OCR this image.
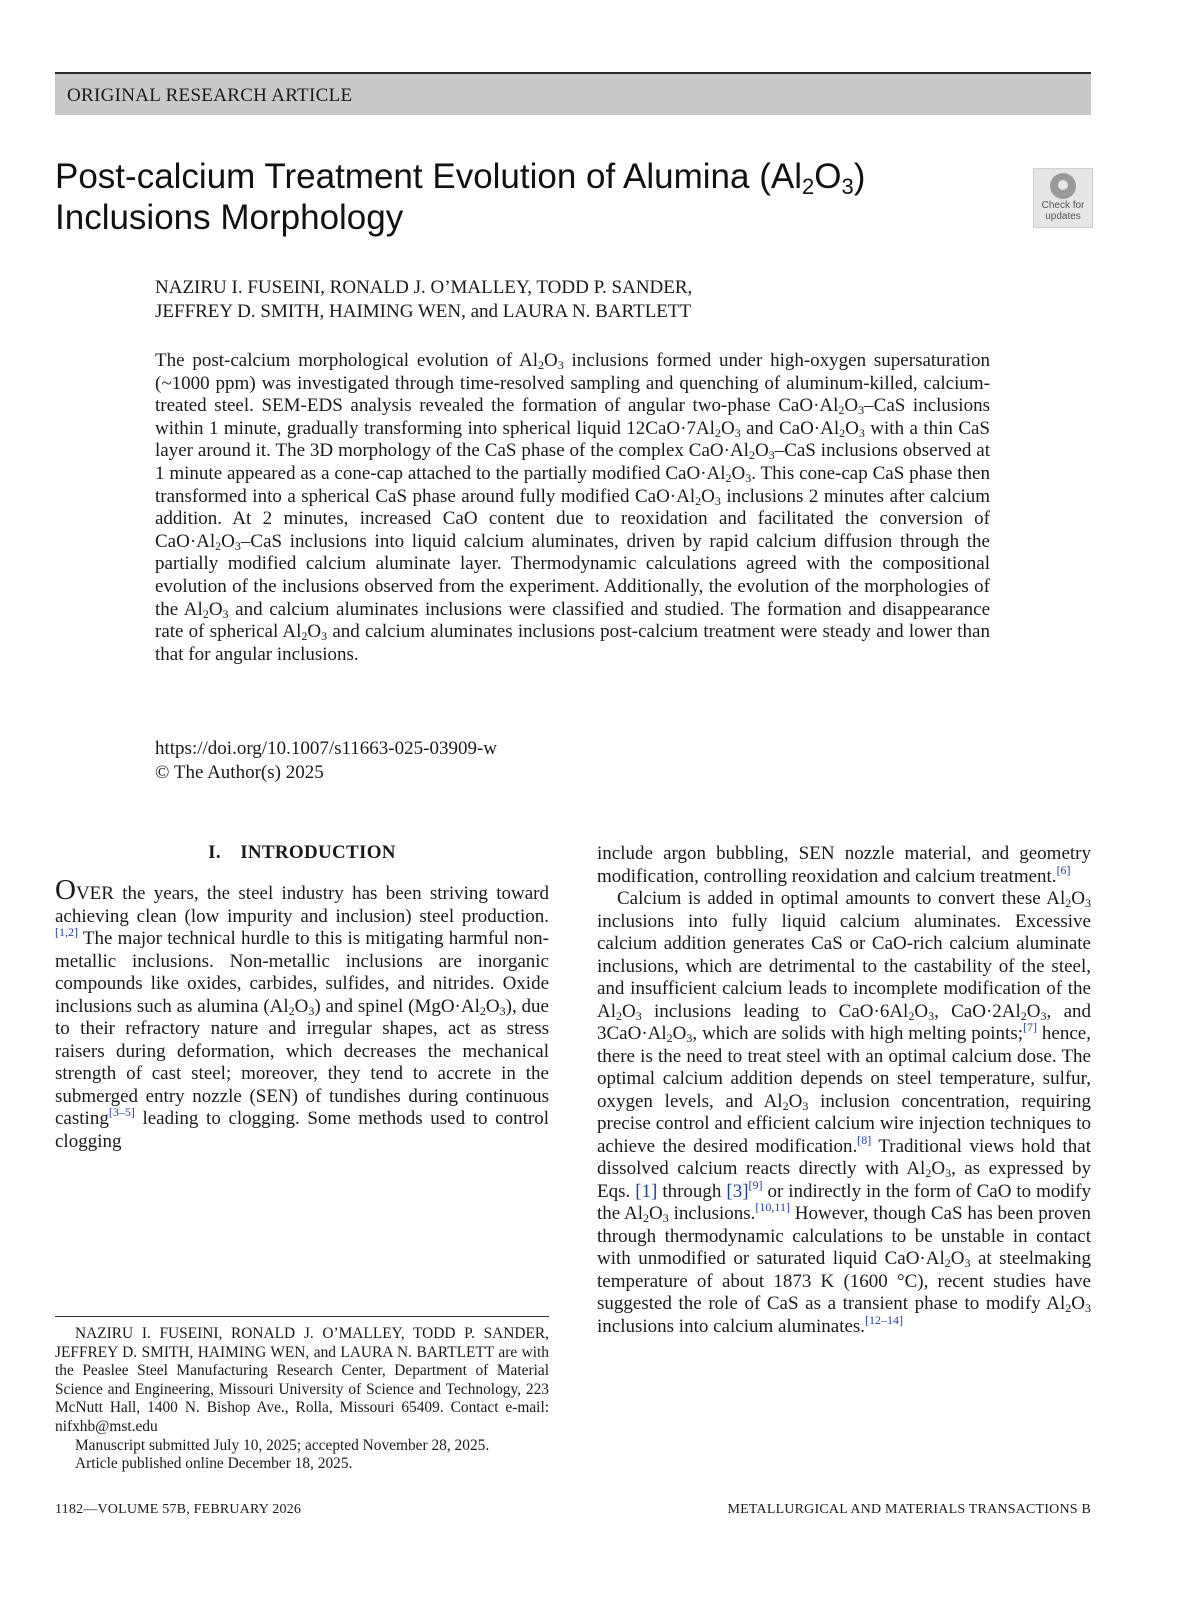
ORIGINAL RESEARCH ARTICLE
Post-calcium Treatment Evolution of Alumina $(Al_2O_3)$
Inclusions Morphology	Check for
updates
NAZIRU I. FUSEINI, RONALD J. O’MALLEY, TODD P. SANDER,
JEFFREY D. SMITH, HAIMING WEN, and LAURA N. BARTLETT
The post-calcium morphological evolution of $Al_2O_3$ inclusions formed under high-oxygen supersaturation (~1000 ppm) was investigated through time-resolved sampling and quenching of aluminum-killed, calcium-treated steel. SEM-EDS analysis revealed the formation of angular two-phase $CaO\cdot Al_2O_3$–CaS inclusions within 1 minute, gradually transforming into spherical liquid $12CaO\cdot 7Al_2O_3$ and $CaO\cdot Al_2O_3$ with a thin CaS layer around it. The 3D morphology of the CaS phase of the complex $CaO\cdot Al_2O_3$–CaS inclusions observed at 1 minute appeared as a cone-cap attached to the partially modified $CaO\cdot Al_2O_3$. This cone-cap CaS phase then transformed into a spherical CaS phase around fully modified $CaO\cdot Al_2O_3$ inclusions 2 minutes after calcium addition. At 2 minutes, increased CaO content due to reoxidation and facilitated the conversion of $CaO\cdot Al_2O_3$–CaS inclusions into liquid calcium aluminates, driven by rapid calcium diffusion through the partially modified calcium aluminate layer. Thermodynamic calculations agreed with the compositional evolution of the inclusions observed from the experiment. Additionally, the evolution of the morphologies of the $Al_2O_3$ and calcium aluminates inclusions were classified and studied. The formation and disappearance rate of spherical $Al_2O_3$ and calcium aluminates inclusions post-calcium treatment were steady and lower than that for angular inclusions.
https://doi.org/10.1007/s11663-025-03909-w
© The Author(s) 2025
I. INTRODUCTION

OVER the years, the steel industry has been striving toward achieving clean (low impurity and inclusion) steel production.[1,2] The major technical hurdle to this is mitigating harmful non-metallic inclusions. Non-metallic inclusions are inorganic compounds like oxides, carbides, sulfides, and nitrides. Oxide inclusions such as alumina $(Al_2O_3)$ and spinel $(MgO\cdot Al_2O_3)$, due to their refractory nature and irregular shapes, act as stress raisers during deformation, which decreases the mechanical strength of cast steel; moreover, they tend to accrete in the submerged entry nozzle (SEN) of tundishes during continuous casting[3–5] leading to clogging. Some methods used to control clogging

include argon bubbling, SEN nozzle material, and geometry modification, controlling reoxidation and calcium treatment.[6]

Calcium is added in optimal amounts to convert these $Al_2O_3$ inclusions into fully liquid calcium aluminates. Excessive calcium addition generates CaS or CaO-rich calcium aluminate inclusions, which are detrimental to the castability of the steel, and insufficient calcium leads to incomplete modification of the $Al_2O_3$ inclusions leading to $CaO\cdot 6Al_2O_3$, $CaO\cdot 2Al_2O_3$, and $3CaO\cdot Al_2O_3$, which are solids with high melting points;[7] hence, there is the need to treat steel with an optimal calcium dose. The optimal calcium addition depends on steel temperature, sulfur, oxygen levels, and $Al_2O_3$ inclusion concentration, requiring precise control and efficient calcium wire injection techniques to achieve the desired modification.[8] Traditional views hold that dissolved calcium reacts directly with $Al_2O_3$, as expressed by Eqs. [1] through [3][9] or indirectly in the form of CaO to modify the $Al_2O_3$ inclusions.[10,11] However, though CaS has been proven through thermodynamic calculations to be unstable in contact with unmodified or saturated liquid $CaO\cdot Al_2O_3$ at steelmaking temperature of about 1873 K (1600 °C), recent studies have suggested the role of CaS as a transient phase to modify $Al_2O_3$ inclusions into calcium aluminates.[12–14]

NAZIRU I. FUSEINI, RONALD J. O’MALLEY, TODD P. SANDER, JEFFREY D. SMITH, HAIMING WEN, and LAURA N. BARTLETT are with the Peaslee Steel Manufacturing Research Center, Department of Material Science and Engineering, Missouri University of Science and Technology, 223 McNutt Hall, 1400 N. Bishop Ave., Rolla, Missouri 65409. Contact e-mail: nifxhb@mst.edu
Manuscript submitted July 10, 2025; accepted November 28, 2025.
Article published online December 18, 2025.
1182—VOLUME 57B, FEBRUARY 2026	METALLURGICAL AND MATERIALS TRANSACTIONS B
